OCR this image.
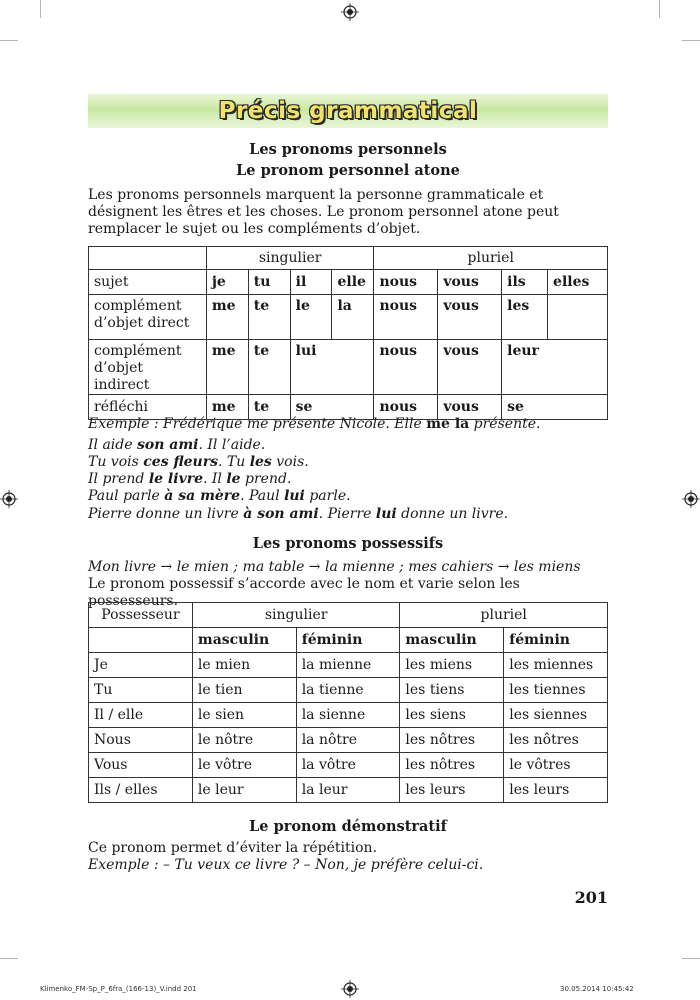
Précis grammatical
Les pronoms personnels
Le pronom personnel atone
Les pronoms personnels marquent la personne grammaticale et désignent les êtres et les choses. Le pronom personnel atone peut remplacer le sujet ou les compléments d’objet.
	singulier				pluriel			
sujet	je	tu	il	elle	nous	vous	ils	elles

complément
d’objet direct	me	te	le	la	nous	vous	les	

complément
d’objet indirect	me	te	lui		nous	vous	leur	
réfléchi	me	te	se		nous	vous	se	
Exemple : Frédérique me présente Nicole. Elle me la présente.
Il aide son ami. Il l’aide.
Tu vois ces fleurs. Tu les vois.
Il prend le livre. Il le prend.
Paul parle à sa mère. Paul lui parle.
Pierre donne un livre à son ami. Pierre lui donne un livre.
Les pronoms possessifs
Mon livre → le mien ; ma table → la mienne ; mes cahiers → les miens
Le pronom possessif s’accorde avec le nom et varie selon les possesseurs.
Possesseur	singulier		pluriel	
	masculin	féminin	masculin	féminin
Je	le mien	la mienne	les miens	les miennes
Tu	le tien	la tienne	les tiens	les tiennes
Il / elle	le sien	la sienne	les siens	les siennes
Nous	le nôtre	la nôtre	les nôtres	les nôtres
Vous	le vôtre	la vôtre	les nôtres	le vôtres
Ils / elles	le leur	la leur	les leurs	les leurs
Le pronom démonstratif
Ce pronom permet d’éviter la répétition.
Exemple : – Tu veux ce livre ? – Non, je préfère celui-ci.
201
Klimenko_FM-Sp_P_6fra_(166-13)_V.indd 201	30.05.2014 10:45:42
